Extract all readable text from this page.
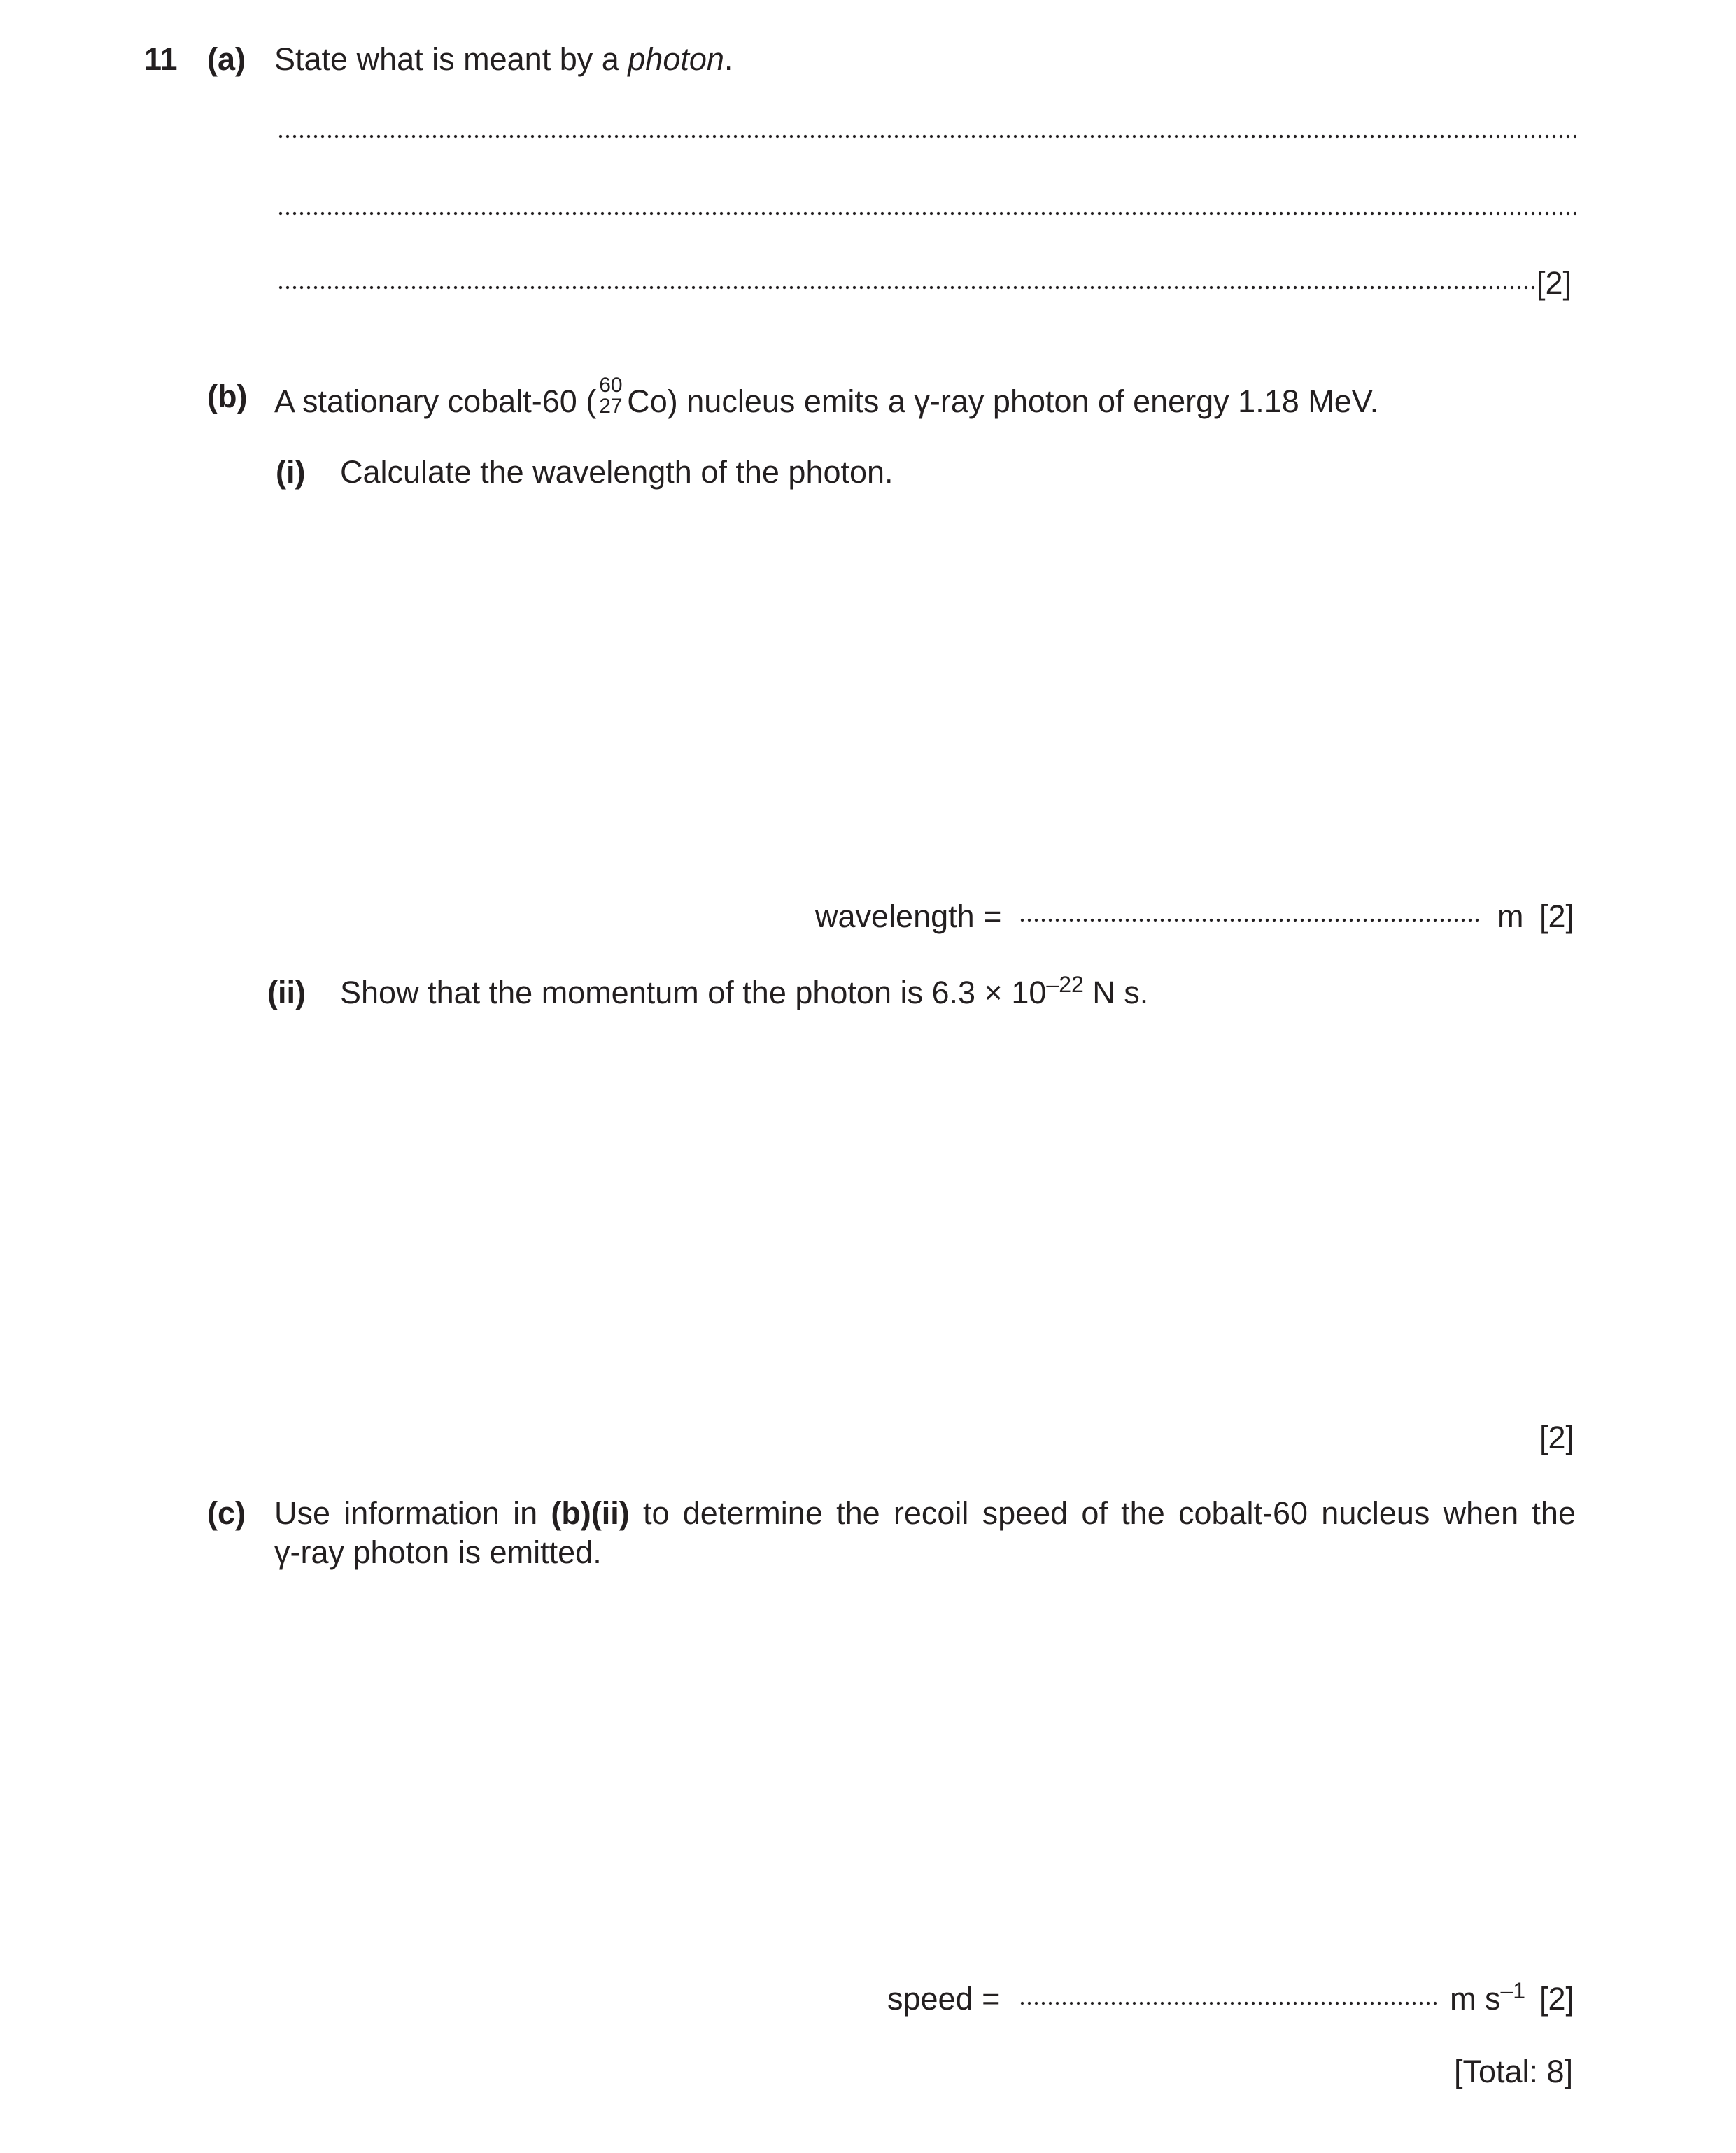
11 (a) State what is meant by a photon.
[2]
(b) A stationary cobalt-60 ( 60
27 Co) nucleus emits a γ-ray photon of energy 1.18 MeV.
(i) Calculate the wavelength of the photon.
wavelength =	m [2]
(ii) Show that the momentum of the photon is $6.3 \times 10^{-22}$ N s.
[2]
(c) Use information in (b)(ii) to determine the recoil speed of the cobalt-60 nucleus when the
γ-ray photon is emitted.
speed =	m $s^{-1}$ [2]
[Total: 8]
